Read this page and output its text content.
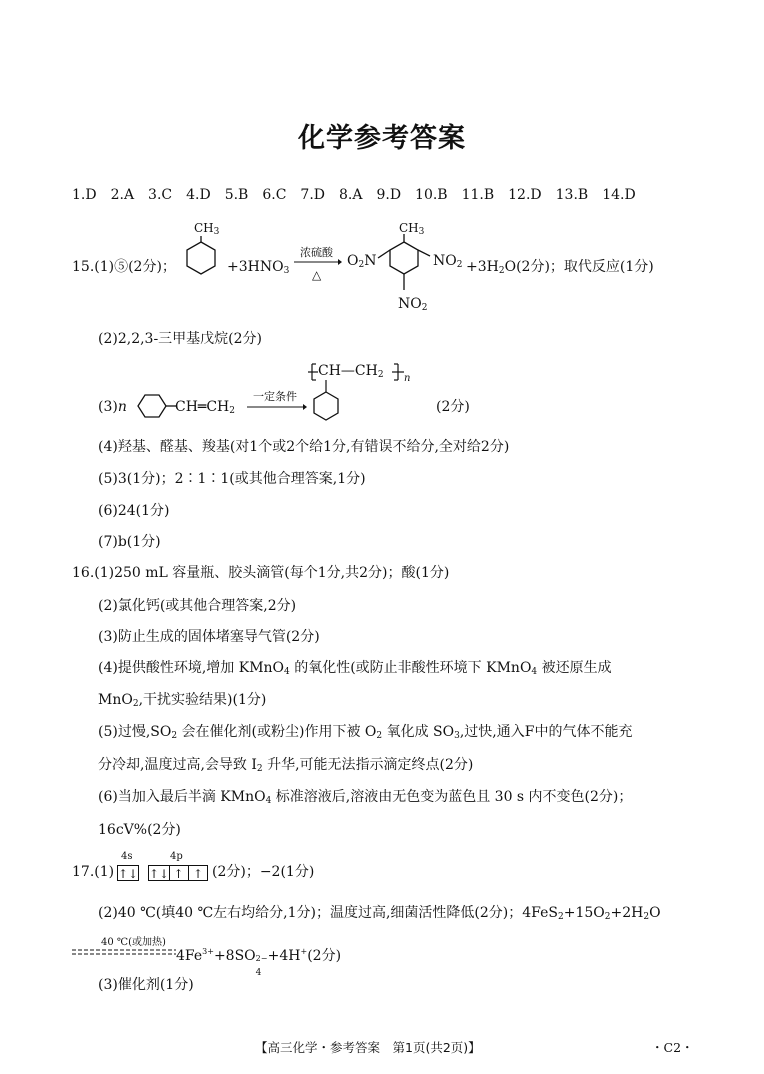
化学参考答案
1.D　2.A　3.C　4.D　5.B　6.C　7.D　8.A　9.D　10.B　11.B　12.D　13.B　14.D
15.(1)⑤(2分)；
$CH_3$
$+3HNO_3$
浓硫酸
△
$O_2N$
$CH_3$
$NO_2$
$NO_2$
$+3H_2O(2$分)；取代反应(1分)
(2)2,2,3-三甲基戊烷(2分)
(3)n	$CH═CH_2$
一定条件
$CH—CH_2$ n
(2分)
(4)羟基、醛基、羧基(对1个或2个给1分,有错误不给分,全对给2分)
(5)3(1分)；2∶1∶1(或其他合理答案,1分)
(6)24(1分)
(7)b(1分)
16.(1)250 mL 容量瓶、胶头滴管(每个1分,共2分)；酸(1分)
(2)氯化钙(或其他合理答案,2分)
(3)防止生成的固体堵塞导气管(2分)
(4)提供酸性环境,增加 KMnO$_4$ 的氧化性(或防止非酸性环境下 KMnO$_4$ 被还原生成
MnO$_2$,干扰实验结果)(1分)
(5)过慢$,SO_2$ 会在催化剂(或粉尘)作用下被 $O_2$ 氧化成 $SO_3$,过快,通入F中的气体不能充
分冷却,温度过高,会导致 $I_2$ 升华,可能无法指示滴定终点(2分)
(6)当加入最后半滴 KMnO$_4$ 标准溶液后,溶液由无色变为蓝色且 30 s 内不变色(2分)；
16cV%(2分)
17.(1)
4s	4p
↑↓ ↑↓ ↑ ↑ (2分)；−2(1分)
(2)40 ℃(填40 ℃左右均给分,1分)；温度过高,细菌活性降低(2分)；$4FeS_2+15O_2+2H_2O$
40 ℃(或加热)
$4Fe^{3+}+8SO$ 2−
4
+4H+(2分)
(3)催化剂(1分)
【高三化学・参考答案　第1页(共2页)】	・C2・
